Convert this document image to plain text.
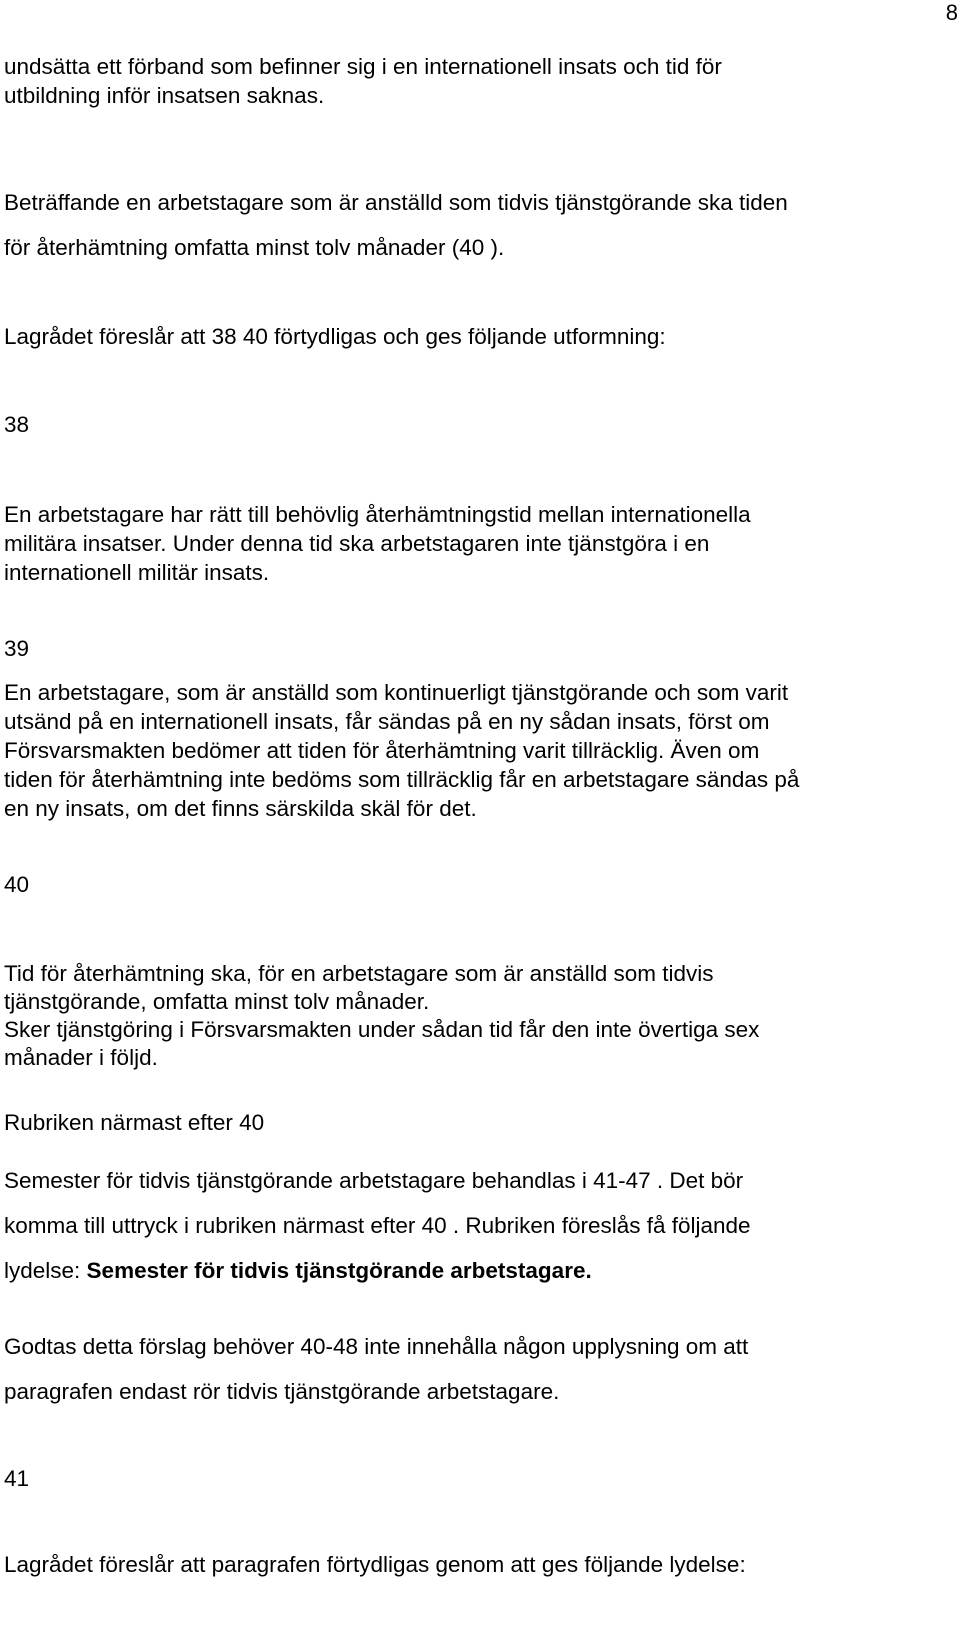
8
undsätta ett förband som befinner sig i en internationell insats och tid för
utbildning inför insatsen saknas.
Beträffande en arbetstagare som är anställd som tidvis tjänstgörande ska tiden
för återhämtning omfatta minst tolv månader (40 ).
Lagrådet föreslår att 38 40 förtydligas och ges följande utformning:
38
En arbetstagare har rätt till behövlig återhämtningstid mellan internationella
militära insatser. Under denna tid ska arbetstagaren inte tjänstgöra i en
internationell militär insats.
39
En arbetstagare, som är anställd som kontinuerligt tjänstgörande och som varit
utsänd på en internationell insats, får sändas på en ny sådan insats, först om
Försvarsmakten bedömer att tiden för återhämtning varit tillräcklig. Även om
tiden för återhämtning inte bedöms som tillräcklig får en arbetstagare sändas på
en ny insats, om det finns särskilda skäl för det.
40
Tid för återhämtning ska, för en arbetstagare som är anställd som tidvis
tjänstgörande, omfatta minst tolv månader.
Sker tjänstgöring i Försvarsmakten under sådan tid får den inte övertiga sex
månader i följd.
Rubriken närmast efter 40
Semester för tidvis tjänstgörande arbetstagare behandlas i 41-47 . Det bör
komma till uttryck i rubriken närmast efter 40 . Rubriken föreslås få följande
lydelse: Semester för tidvis tjänstgörande arbetstagare.
Godtas detta förslag behöver 40-48 inte innehålla någon upplysning om att
paragrafen endast rör tidvis tjänstgörande arbetstagare.
41
Lagrådet föreslår att paragrafen förtydligas genom att ges följande lydelse:
